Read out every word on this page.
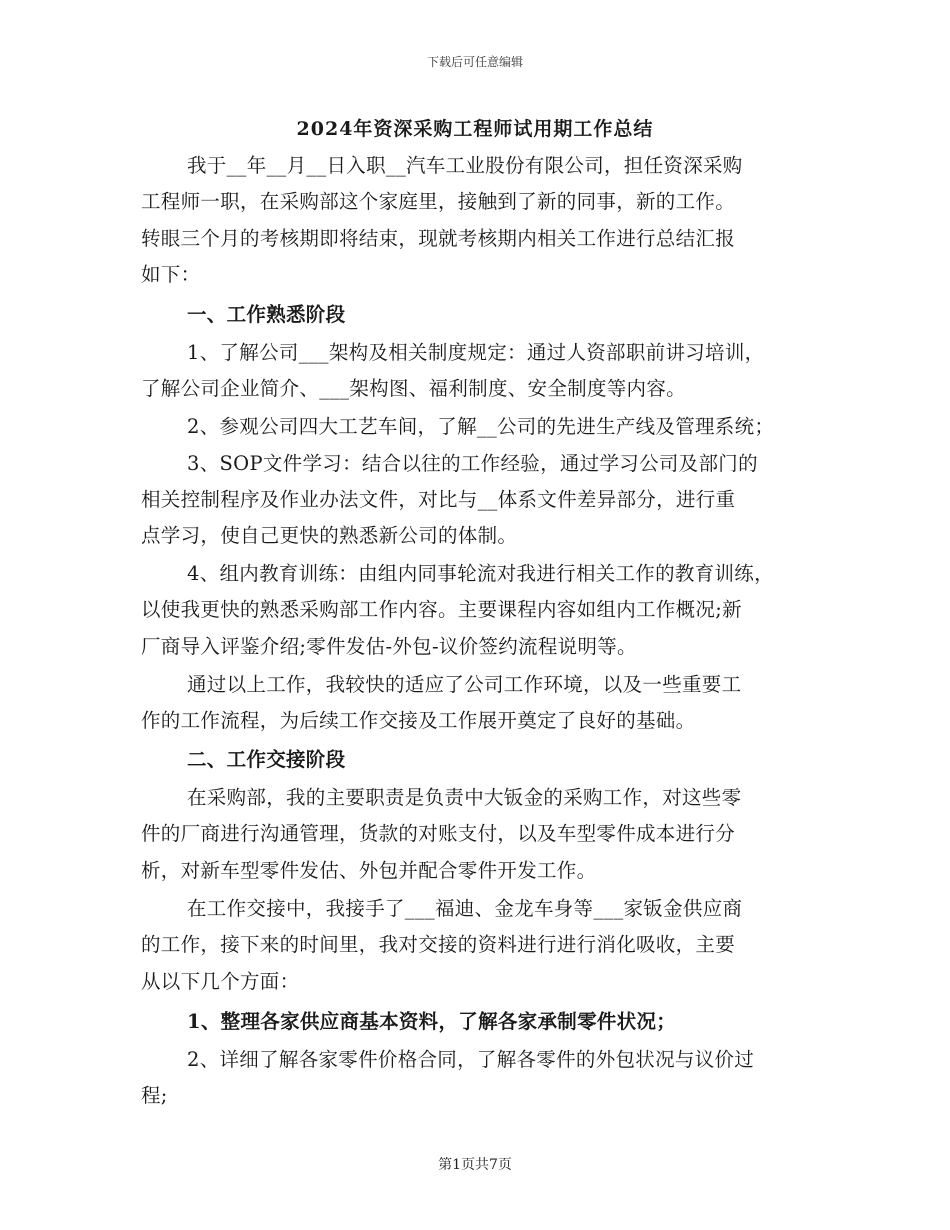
下载后可任意编辑
2024年资深采购工程师试用期工作总结
我于__年__月__日入职__汽车工业股份有限公司，担任资深采购
工程师一职，在采购部这个家庭里，接触到了新的同事，新的工作。
转眼三个月的考核期即将结束，现就考核期内相关工作进行总结汇报
如下：
一、工作熟悉阶段
1、了解公司___架构及相关制度规定：通过人资部职前讲习培训，
了解公司企业简介、___架构图、福利制度、安全制度等内容。
2、参观公司四大工艺车间，了解__公司的先进生产线及管理系统；
3、SOP文件学习：结合以往的工作经验，通过学习公司及部门的
相关控制程序及作业办法文件，对比与__体系文件差异部分，进行重
点学习，使自己更快的熟悉新公司的体制。
4、组内教育训练：由组内同事轮流对我进行相关工作的教育训练，
以使我更快的熟悉采购部工作内容。主要课程内容如组内工作概况;新
厂商导入评鉴介绍;零件发估-外包-议价签约流程说明等。
通过以上工作，我较快的适应了公司工作环境，以及一些重要工
作的工作流程，为后续工作交接及工作展开奠定了良好的基础。
二、工作交接阶段
在采购部，我的主要职责是负责中大钣金的采购工作，对这些零
件的厂商进行沟通管理，货款的对账支付，以及车型零件成本进行分
析，对新车型零件发估、外包并配合零件开发工作。
在工作交接中，我接手了___福迪、金龙车身等___家钣金供应商
的工作，接下来的时间里，我对交接的资料进行进行消化吸收，主要
从以下几个方面：
1、整理各家供应商基本资料，了解各家承制零件状况；
2、详细了解各家零件价格合同，了解各零件的外包状况与议价过
程;
第1页共7页
